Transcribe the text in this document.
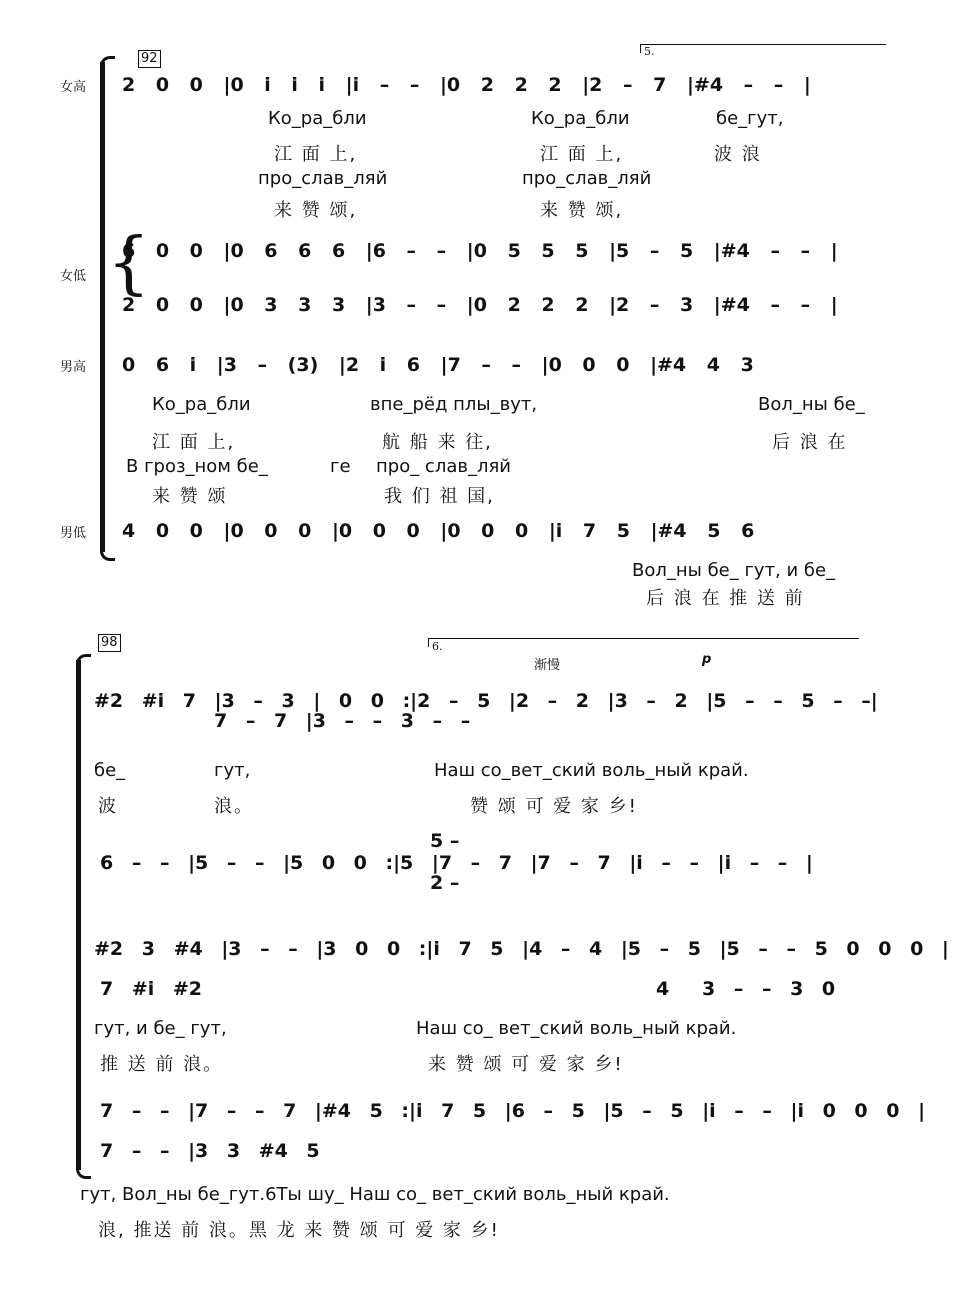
女高
女低
男高
男低
92	5.
2 0 0 |0 i i i |i – – |0 2 2 2 |2 – 7 |#4 – – |
Ко_ра_бли	Ко_ра_бли	бе_гут,
江 面 上,	江 面 上,	波 浪
про_слав_ляй	про_слав_ляй
来 赞 颂,	来 赞 颂,
{
6 0 0 |0 6 6 6 |6 – – |0 5 5 5 |5 – 5 |#4 – – |
2 0 0 |0 3 3 3 |3 – – |0 2 2 2 |2 – 3 |#4 – – |
0 6 i |3 – (3) |2 i 6 |7 – – |0 0 0 |#4 4 3
Ко_ра_бли	впе_рёд плы_вут,	Вол_ны бе_
江 面 上,	航 船 来 往,	后 浪 在
В гроз_ном бе_	ге про_ слав_ляй
来 赞 颂	我 们 祖 国,
4 0 0 |0 0 0 |0 0 0 |0 0 0 |i 7 5 |#4 5 6
Вол_ны бе_ гут, и бе_
后 浪 在 推 送 前
98	6.
渐慢	p
#2 #i 7 |3 – 3 | 0 0 :|2 – 5 |2 – 2 |3 – 2 |5 – – 5 – –|
7 – 7 |3 – – 3 – –
бе_	гут,	Наш со_вет_ский воль_ный край.
波	浪。	赞 颂 可 爱 家 乡!
6 – – |5 – – |5 0 0 :|5 |7 – 7 |7 – 7 |i – – |i – – |
5 –
2 –
#2 3 #4 |3 – – |3 0 0 :|i 7 5 |4 – 4 |5 – 5 |5 – – 5 0 0 0 |
7 #i #2	4 3 – – 3 0
гут, и бе_ гут,	Наш со_ вет_ский воль_ный край.
推 送 前 浪。	来 赞 颂 可 爱 家 乡!
7 – – |7 – – 7 |#4 5 :|i 7 5 |6 – 5 |5 – 5 |i – – |i 0 0 0 |
7 – – |3 3 #4 5
гут, Вол_ны бе_гут.6Ты шу_ Наш со_ вет_ский воль_ный край.
浪, 推送 前 浪。黑 龙 来 赞 颂 可 爱 家 乡!
